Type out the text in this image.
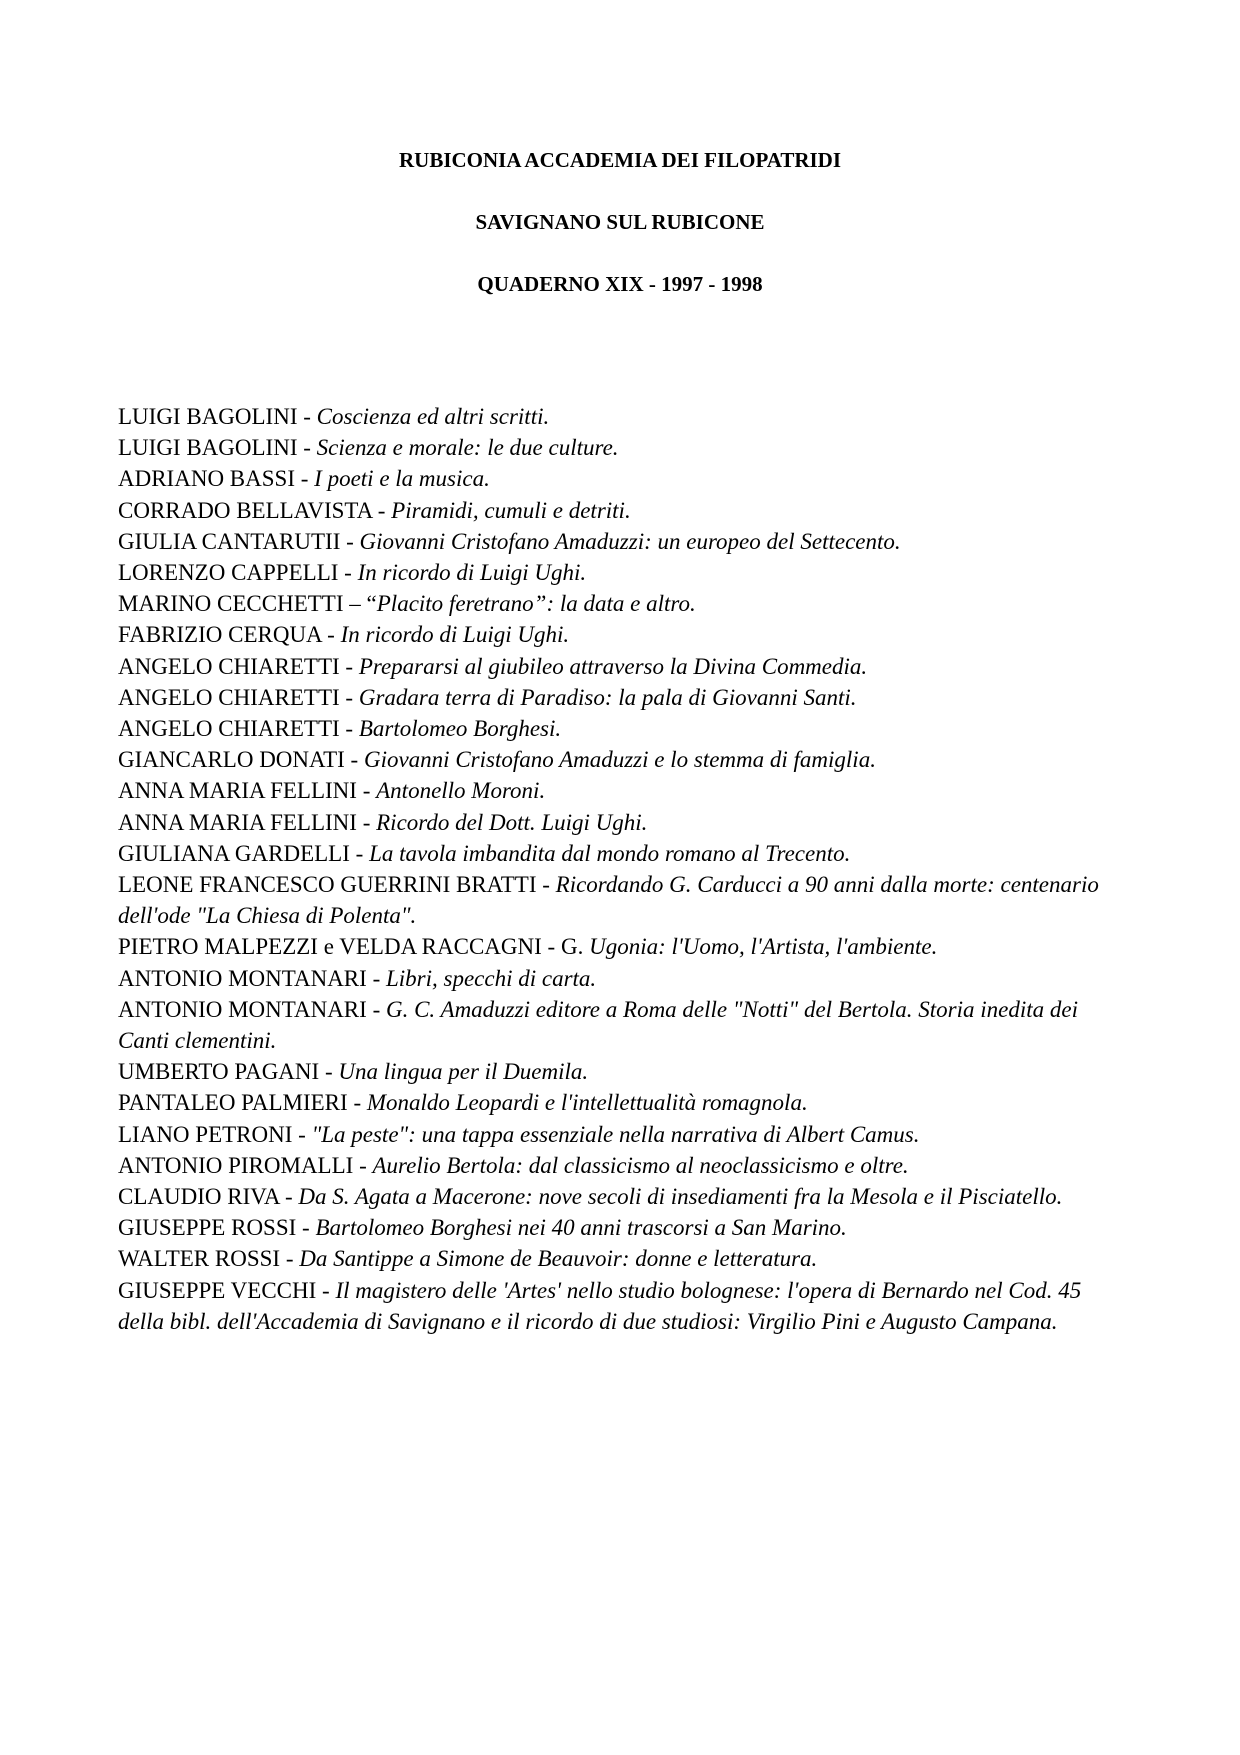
RUBICONIA ACCADEMIA DEI FILOPATRIDI

SAVIGNANO SUL RUBICONE

QUADERNO XIX - 1997 - 1998

LUIGI BAGOLINI - Coscienza ed altri scritti.
LUIGI BAGOLINI - Scienza e morale: le due culture.
ADRIANO BASSI - I poeti e la musica.
CORRADO BELLAVISTA - Piramidi, cumuli e detriti.
GIULIA CANTARUTII - Giovanni Cristofano Amaduzzi: un europeo del Settecento.
LORENZO CAPPELLI - In ricordo di Luigi Ughi.
MARINO CECCHETTI – “Placito feretrano”: la data e altro.
FABRIZIO CERQUA - In ricordo di Luigi Ughi.
ANGELO CHIARETTI - Prepararsi al giubileo attraverso la Divina Commedia.
ANGELO CHIARETTI - Gradara terra di Paradiso: la pala di Giovanni Santi.
ANGELO CHIARETTI - Bartolomeo Borghesi.
GIANCARLO DONATI - Giovanni Cristofano Amaduzzi e lo stemma di famiglia.
ANNA MARIA FELLINI - Antonello Moroni.
ANNA MARIA FELLINI - Ricordo del Dott. Luigi Ughi.
GIULIANA GARDELLI - La tavola imbandita dal mondo romano al Trecento.
LEONE FRANCESCO GUERRINI BRATTI - Ricordando G. Carducci a 90 anni dalla morte: centenario dell'ode "La Chiesa di Polenta".
PIETRO MALPEZZI e VELDA RACCAGNI - G. Ugonia: l'Uomo, l'Artista, l'ambiente.
ANTONIO MONTANARI - Libri, specchi di carta.
ANTONIO MONTANARI - G. C. Amaduzzi editore a Roma delle "Notti" del Bertola. Storia inedita dei Canti clementini.
UMBERTO PAGANI - Una lingua per il Duemila.
PANTALEO PALMIERI - Monaldo Leopardi e l'intellettualità romagnola.
LIANO PETRONI - "La peste": una tappa essenziale nella narrativa di Albert Camus.
ANTONIO PIROMALLI - Aurelio Bertola: dal classicismo al neoclassicismo e oltre.
CLAUDIO RIVA - Da S. Agata a Macerone: nove secoli di insediamenti fra la Mesola e il Pisciatello.
GIUSEPPE ROSSI - Bartolomeo Borghesi nei 40 anni trascorsi a San Marino.
WALTER ROSSI - Da Santippe a Simone de Beauvoir: donne e letteratura.
GIUSEPPE VECCHI - Il magistero delle 'Artes' nello studio bolognese: l'opera di Bernardo nel Cod. 45 della bibl. dell'Accademia di Savignano e il ricordo di due studiosi: Virgilio Pini e Augusto Campana.
